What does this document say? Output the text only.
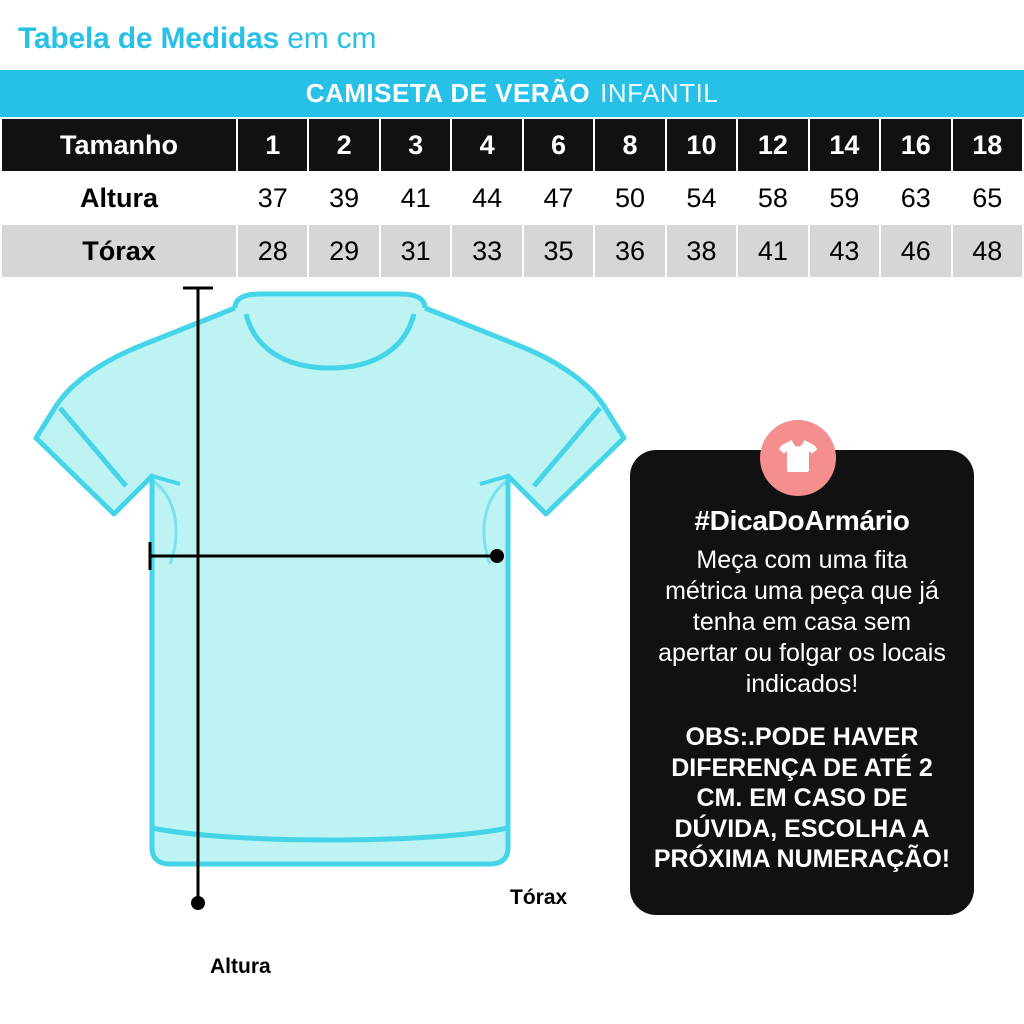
Tabela de Medidas em cm
CAMISETA DE VERÃO INFANTIL
Tamanho	1	2	3	4	6	8	10	12	14	16	18
Altura	37	39	41	44	47	50	54	58	59	63	65
Tórax	28	29	31	33	35	36	38	41	43	46	48
Tórax
Altura
#DicaDoArmário

Meça com uma fita métrica uma peça que já tenha em casa sem apertar ou folgar os locais indicados!

OBS:.PODE HAVER DIFERENÇA DE ATÉ 2 CM. EM CASO DE DÚVIDA, ESCOLHA A PRÓXIMA NUMERAÇÃO!
